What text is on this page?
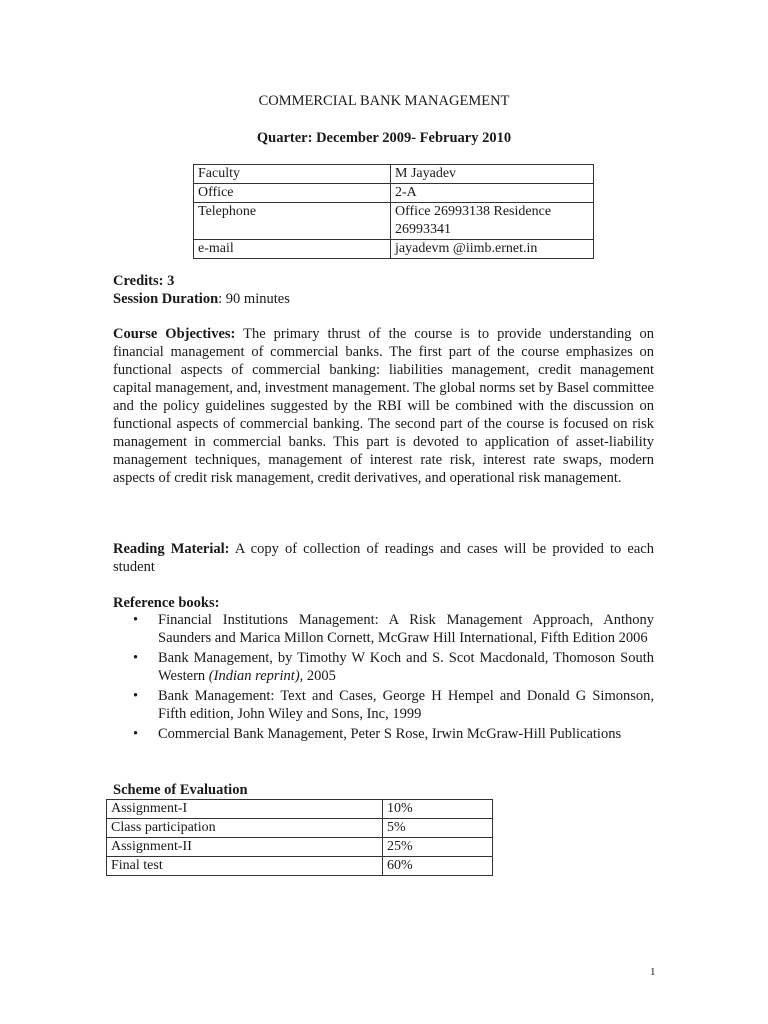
COMMERCIAL BANK MANAGEMENT
Quarter: December 2009- February 2010
Faculty	M Jayadev
Office	2-A
Telephone	Office 26993138 Residence 26993341
e-mail	jayadevm @iimb.ernet.in
Credits: 3
Session Duration: 90 minutes
Course Objectives: The primary thrust of the course is to provide understanding on financial management of commercial banks. The first part of the course emphasizes on functional aspects of commercial banking: liabilities management, credit management capital management, and, investment management. The global norms set by Basel committee and the policy guidelines suggested by the RBI will be combined with the discussion on functional aspects of commercial banking. The second part of the course is focused on risk management in commercial banks. This part is devoted to application of asset-liability management techniques, management of interest rate risk, interest rate swaps, modern aspects of credit risk management, credit derivatives, and operational risk management.
Reading Material: A copy of collection of readings and cases will be provided to each student
Reference books:
• Financial Institutions Management: A Risk Management Approach, Anthony Saunders and Marica Millon Cornett, McGraw Hill International, Fifth Edition 2006
• Bank Management, by Timothy W Koch and S. Scot Macdonald, Thomoson South Western (Indian reprint), 2005
• Bank Management: Text and Cases, George H Hempel and Donald G Simonson, Fifth edition, John Wiley and Sons, Inc, 1999
• Commercial Bank Management, Peter S Rose, Irwin McGraw-Hill Publications
Scheme of Evaluation
Assignment-I	10%
Class participation	5%
Assignment-II	25%
Final test	60%
1
